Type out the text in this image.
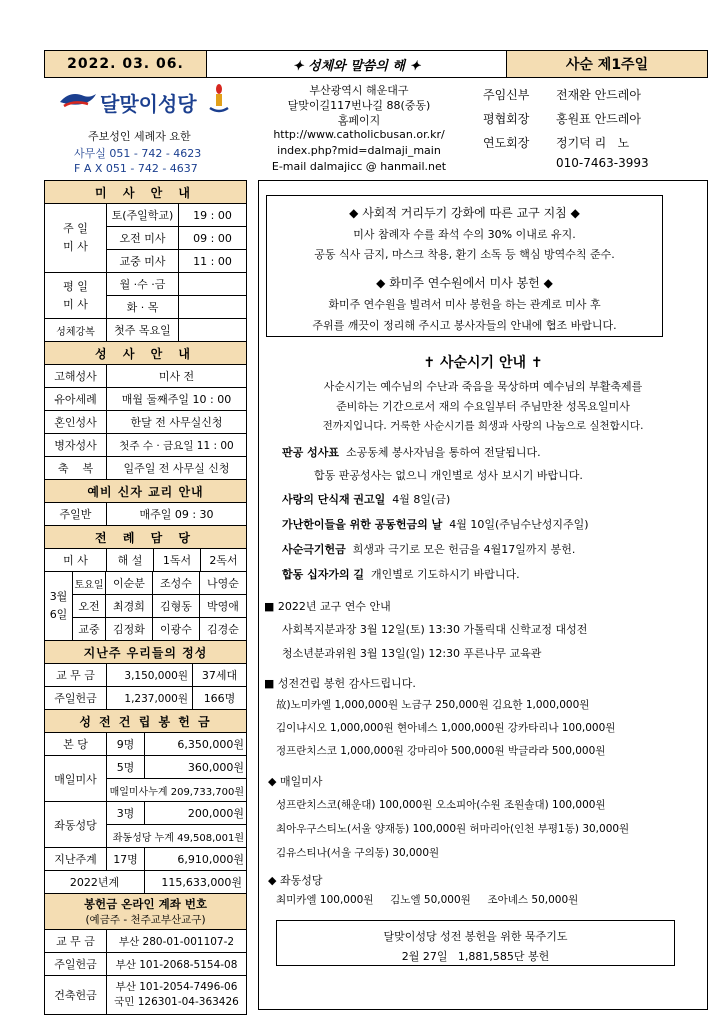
2022. 03. 06.	✦ 성체와 말씀의 해 ✦	사순 제1주일
달맞이성당
주보성인 세례자 요한
사무실 051 - 742 - 4623
F A X 051 - 742 - 4637
부산광역시 해운대구
달맞이길117번나길 88(중동)
홈페이지
http://www.catholicbusan.or.kr/
index.php?mid=dalmaji_main
E-mail dalmajicc @ hanmail.net
주임신부 전재완 안드레아
평협회장 홍원표 안드레아
연도회장 정기덕 리   노
010-7463-3993
미 사 안 내
주 일
미 사
토(주일학교)	19 : 00
오전 미사	09 : 00
교중 미사	11 : 00
평 일
미 사
월 ·수 ·금
화 · 목
성체강복	첫주 목요일
성 사 안 내
고해성사	미사 전
유아세례	매월 둘째주일 10 : 00
혼인성사	한달 전 사무실신청
병자성사	첫주 수 · 금요일 11 : 00
축    복	일주일 전 사무실 신청
예비 신자 교리 안내
주일반	매주일 09 : 30
전 례 담 당
미 사	해 설	1독서	2독서
3월
6일
토요일 이순분	조성수	나영순
오전	최경희	김형동	박영애
교중	김정화	이광수	김경순
지난주 우리들의 정성
교 무 금	3,150,000원	37세대
주일헌금	1,237,000원	166명
성 전 건 립 봉 헌 금
본 당	9명	6,350,000원
매일미사
5명	360,000원
매일미사누계 209,733,700원
좌동성당
3명	200,000원
좌동성당 누계 49,508,001원
지난주계	17명	6,910,000원
2022년계	115,633,000원
봉헌금 온라인 계좌 번호
(예금주 - 천주교부산교구)
교 무 금	부산 280-01-001107-2
주일헌금	부산 101-2068-5154-08
건축헌금
부산 101-2054-7496-06
국민 126301-04-363426
◆ 사회적 거리두기 강화에 따른 교구 지침 ◆
미사 참례자 수를 좌석 수의 30% 이내로 유지.
공동 식사 금지, 마스크 착용, 환기 소독 등 핵심 방역수칙 준수.
◆ 화미주 연수원에서 미사 봉헌 ◆
화미주 연수원을 빌려서 미사 봉헌을 하는 관계로 미사 후
주위를 깨끗이 정리해 주시고 봉사자들의 안내에 협조 바랍니다.
✝ 사순시기 안내 ✝
사순시기는 예수님의 수난과 죽음을 묵상하며 예수님의 부활축제를
준비하는 기간으로서 재의 수요일부터 주님만찬 성목요일미사
전까지입니다. 거룩한 사순시기를 희생과 사랑의 나눔으로 실천합시다.
판공 성사표 소공동체 봉사자님을 통하여 전달됩니다.
합동 판공성사는 없으니 개인별로 성사 보시기 바랍니다.
사랑의 단식재 권고일 4월 8일(금)
가난한이들을 위한 공동헌금의 날 4월 10일(주님수난성지주일)
사순극기헌금 희생과 극기로 모은 헌금을 4월17일까지 봉헌.
합동 십자가의 길 개인별로 기도하시기 바랍니다.
■ 2022년 교구 연수 안내
사회복지분과장 3월 12일(토) 13:30 가톨릭대 신학교정 대성전
청소년분과위원 3월 13일(일) 12:30 푸른나무 교육관
■ 성전건립 봉헌 감사드립니다.
故)노미카엘 1,000,000원 노금구 250,000원 김요한 1,000,000원
김이냐시오 1,000,000원 현아녜스 1,000,000원 강카타리나 100,000원
정프란치스코 1,000,000원 강마리아 500,000원 박글라라 500,000원
◆ 매일미사
성프란치스코(해운대) 100,000원 오소피아(수원 조원솔대) 100,000원
최아우구스티노(서울 양재동) 100,000원 허마리아(인천 부평1동) 30,000원
김유스티나(서울 구의동) 30,000원
◆ 좌동성당
최미카엘 100,000원     김노엘 50,000원     조아녜스 50,000원
달맞이성당 성전 봉헌을 위한 묵주기도
2월 27일   1,881,585단 봉헌
